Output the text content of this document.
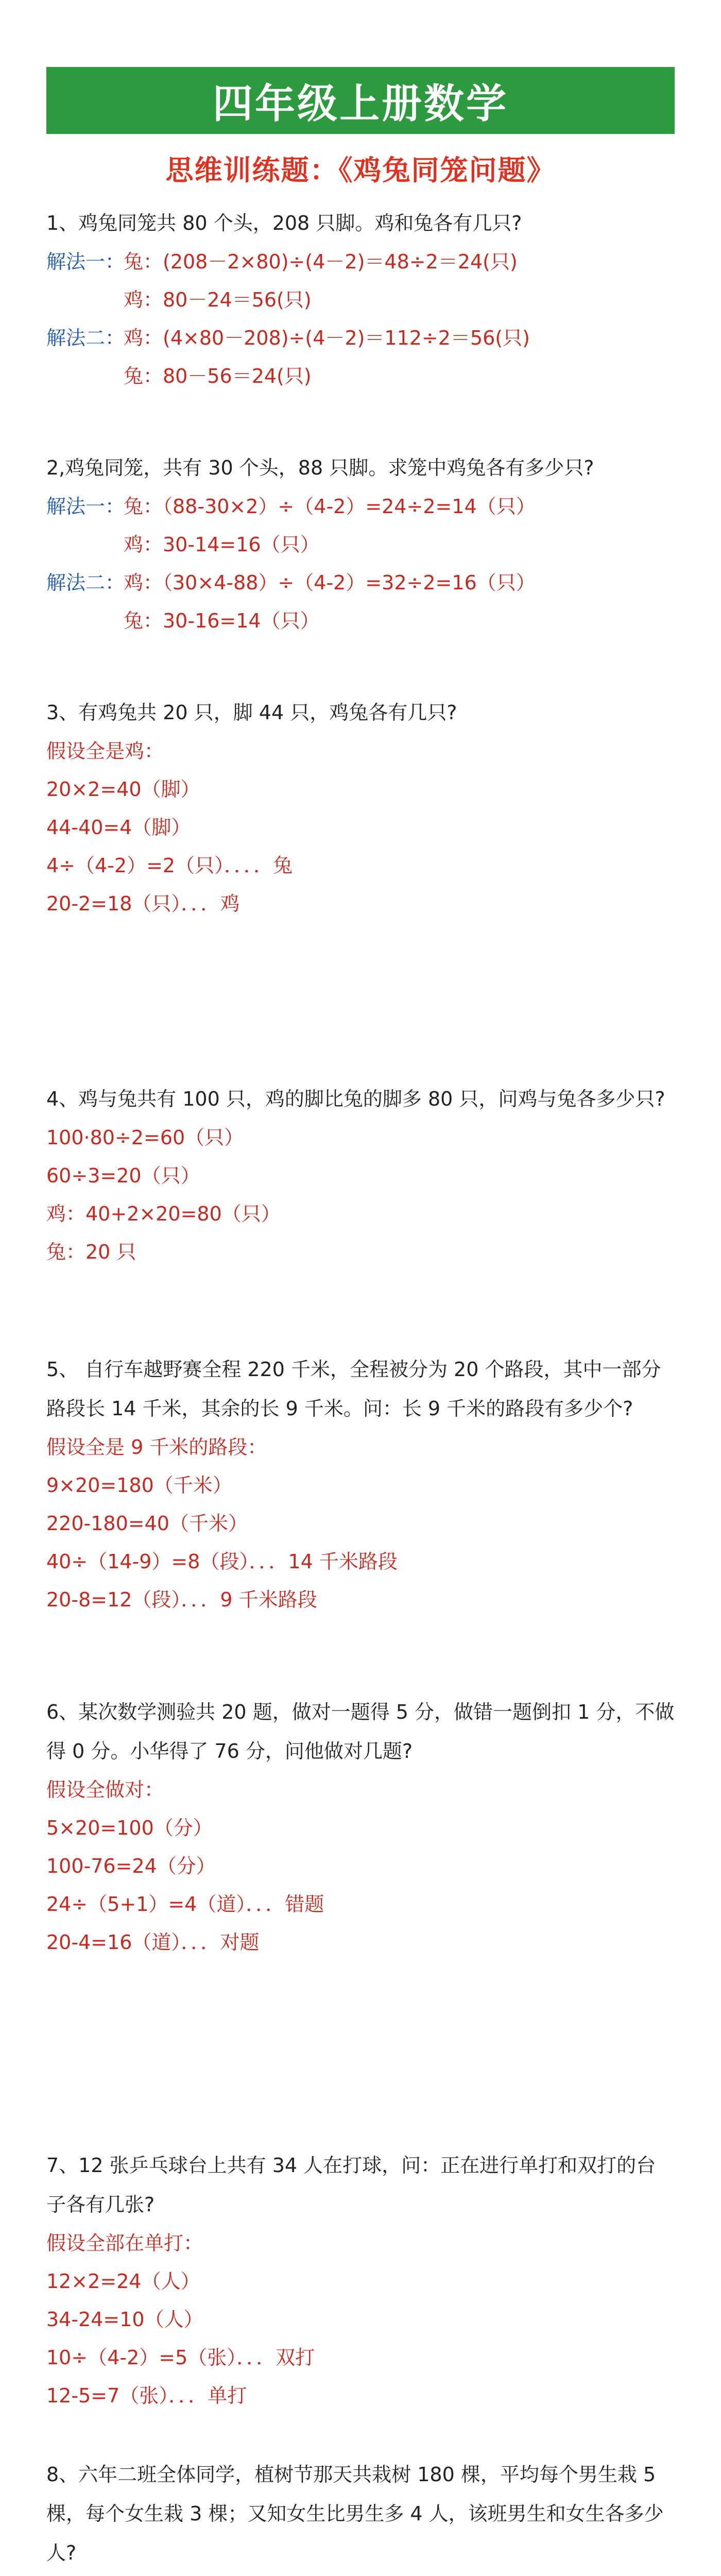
四年级上册数学
思维训练题：《鸡兔同笼问题》
1、鸡兔同笼共 80 个头，208 只脚。鸡和兔各有几只?
解法一：兔：(208－2×80)÷(4－2)＝48÷2＝24(只)
鸡：80－24＝56(只)
解法二：鸡：(4×80－208)÷(4－2)＝112÷2＝56(只)
兔：80－56＝24(只)
2,鸡兔同笼，共有 30 个头，88 只脚。求笼中鸡兔各有多少只?
解法一：兔：（88-30×2）÷（4-2）=24÷2=14（只）
鸡：30-14=16（只）
解法二：鸡：（30×4-88）÷（4-2）=32÷2=16（只）
兔：30-16=14（只）
3、有鸡兔共 20 只，脚 44 只，鸡兔各有几只?
假设全是鸡：
20×2=40（脚）
44-40=4（脚）
4÷（4-2）=2（只）．．．．兔
20-2=18（只）．．．鸡
4、鸡与兔共有 100 只，鸡的脚比兔的脚多 80 只，问鸡与兔各多少只?
100·80÷2=60（只）
60÷3=20（只）
鸡：40+2×20=80（只）
兔：20 只
5、 自行车越野赛全程 220 千米，全程被分为 20 个路段，其中一部分路段长 14 千米，其余的长 9 千米。问：长 9 千米的路段有多少个?
假设全是 9 千米的路段：
9×20=180（千米）
220-180=40（千米）
40÷（14-9）=8（段）．．．14 千米路段
20-8=12（段）．．．9 千米路段
6、某次数学测验共 20 题，做对一题得 5 分，做错一题倒扣 1 分，不做得 0 分。小华得了 76 分，问他做对几题?
假设全做对：
5×20=100（分）
100-76=24（分）
24÷（5+1）=4（道）．．．错题
20-4=16（道）．．．对题
7、12 张乒乓球台上共有 34 人在打球，问：正在进行单打和双打的台子各有几张?
假设全部在单打：
12×2=24（人）
34-24=10（人）
10÷（4-2）=5（张）．．．双打
12-5=7（张）．．．单打
8、六年二班全体同学，植树节那天共栽树 180 棵，平均每个男生栽 5 棵，每个女生栽 3 棵；又知女生比男生多 4 人，该班男生和女生各多少人?
